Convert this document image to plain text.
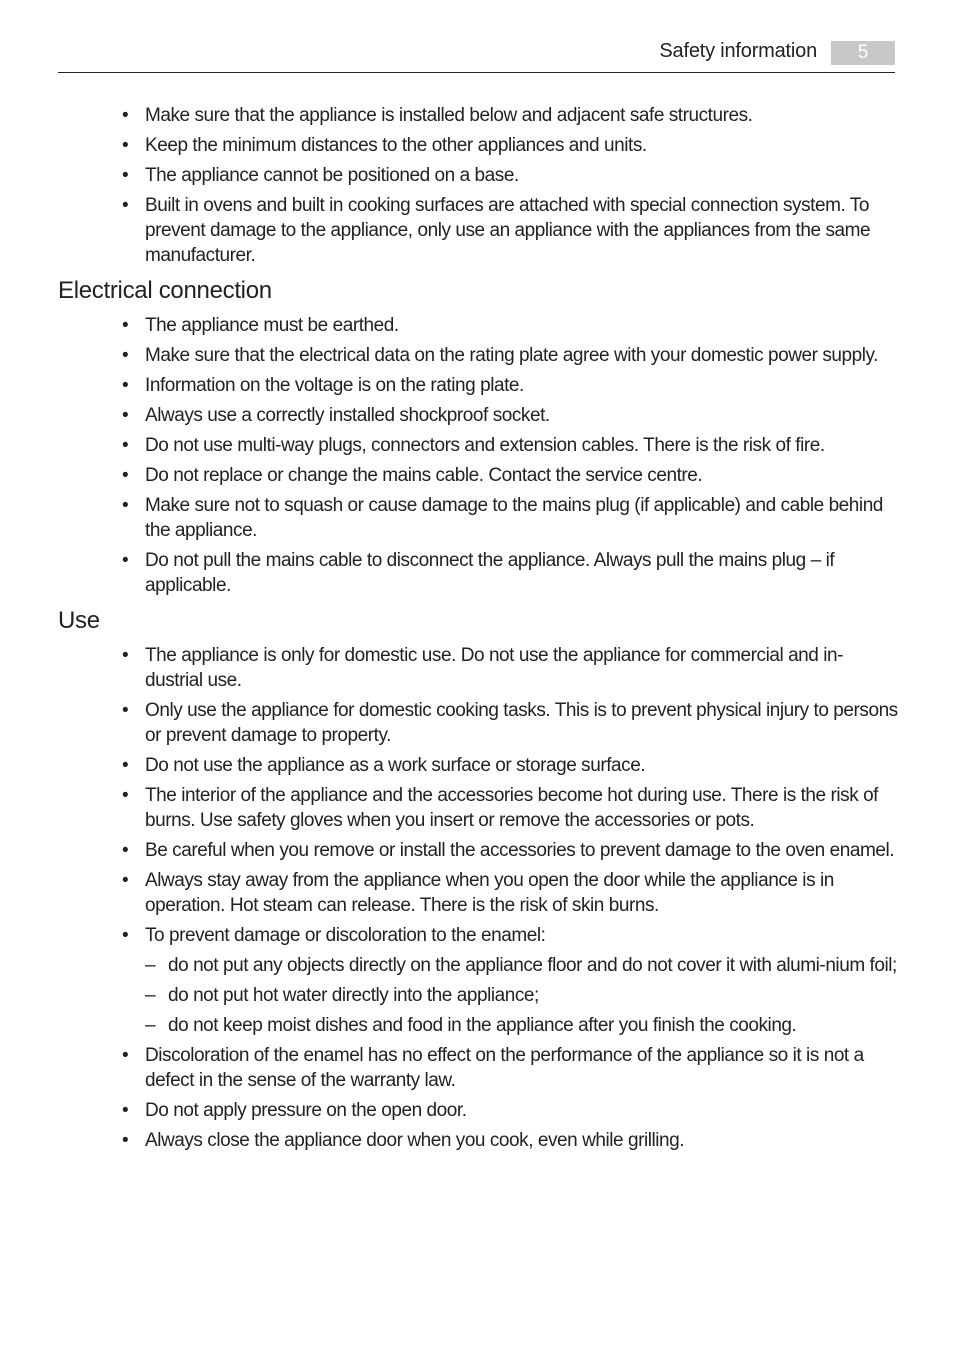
Safety information	5
• Make sure that the appliance is installed below and adjacent safe structures.
• Keep the minimum distances to the other appliances and units.
• The appliance cannot be positioned on a base.
• Built in ovens and built in cooking surfaces are attached with special connection system. To prevent damage to the appliance, only use an appliance with the appliances from the same manufacturer.
Electrical connection
• The appliance must be earthed.
• Make sure that the electrical data on the rating plate agree with your domestic power supply.
• Information on the voltage is on the rating plate.
• Always use a correctly installed shockproof socket.
• Do not use multi-way plugs, connectors and extension cables. There is the risk of fire.
• Do not replace or change the mains cable. Contact the service centre.
• Make sure not to squash or cause damage to the mains plug (if applicable) and cable behind the appliance.
• Do not pull the mains cable to disconnect the appliance. Always pull the mains plug – if applicable.
Use
• The appliance is only for domestic use. Do not use the appliance for commercial and in-dustrial use.
• Only use the appliance for domestic cooking tasks. This is to prevent physical injury to persons or prevent damage to property.
• Do not use the appliance as a work surface or storage surface.
• The interior of the appliance and the accessories become hot during use. There is the risk of burns. Use safety gloves when you insert or remove the accessories or pots.
• Be careful when you remove or install the accessories to prevent damage to the oven enamel.
• Always stay away from the appliance when you open the door while the appliance is in operation. Hot steam can release. There is the risk of skin burns.
• To prevent damage or discoloration to the enamel:
– do not put any objects directly on the appliance floor and do not cover it with alumi-nium foil;
– do not put hot water directly into the appliance;
– do not keep moist dishes and food in the appliance after you finish the cooking.
• Discoloration of the enamel has no effect on the performance of the appliance so it is not a defect in the sense of the warranty law.
• Do not apply pressure on the open door.
• Always close the appliance door when you cook, even while grilling.
